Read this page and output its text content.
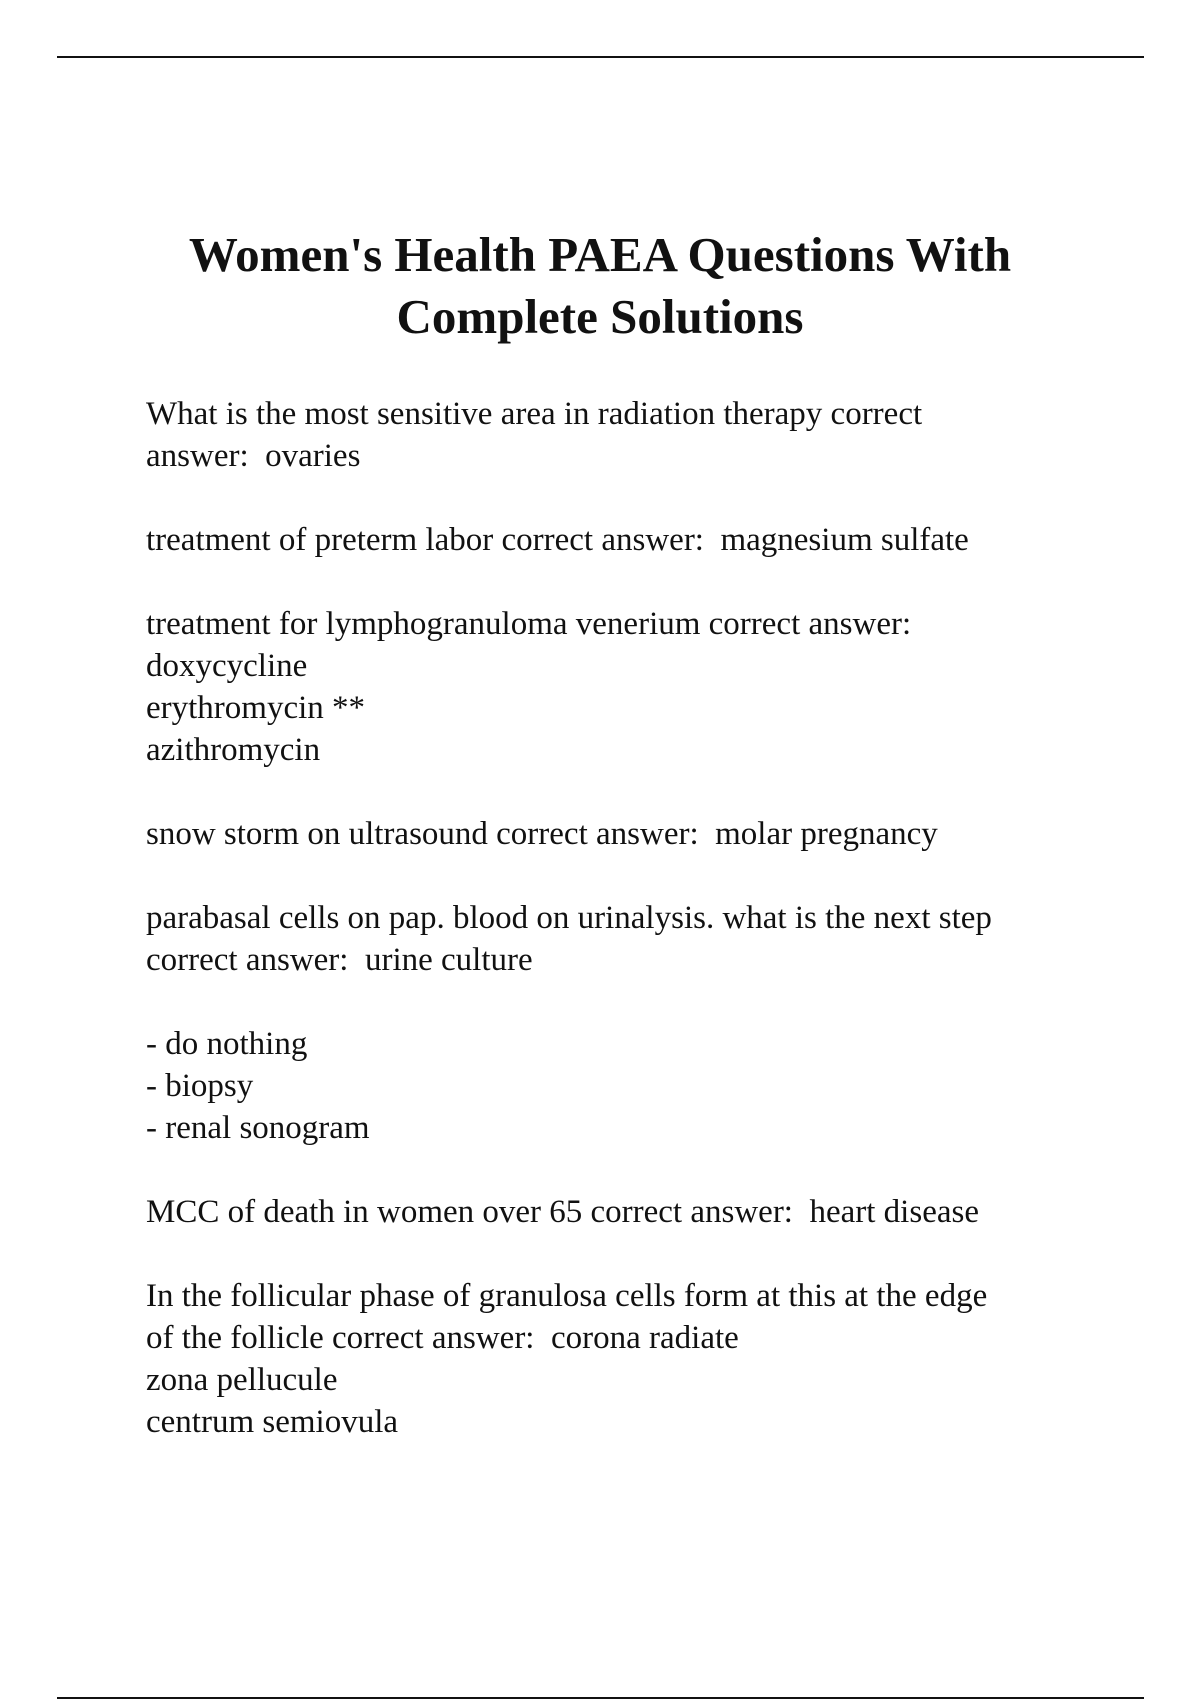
Women's Health PAEA Questions With
Complete Solutions
What is the most sensitive area in radiation therapy correct
answer:  ovaries
treatment of preterm labor correct answer:  magnesium sulfate
treatment for lymphogranuloma venerium correct answer:
doxycycline
erythromycin **
azithromycin
snow storm on ultrasound correct answer:  molar pregnancy
parabasal cells on pap. blood on urinalysis. what is the next step
correct answer:  urine culture
- do nothing
- biopsy
- renal sonogram
MCC of death in women over 65 correct answer:  heart disease
In the follicular phase of granulosa cells form at this at the edge
of the follicle correct answer:  corona radiate
zona pellucule
centrum semiovula
